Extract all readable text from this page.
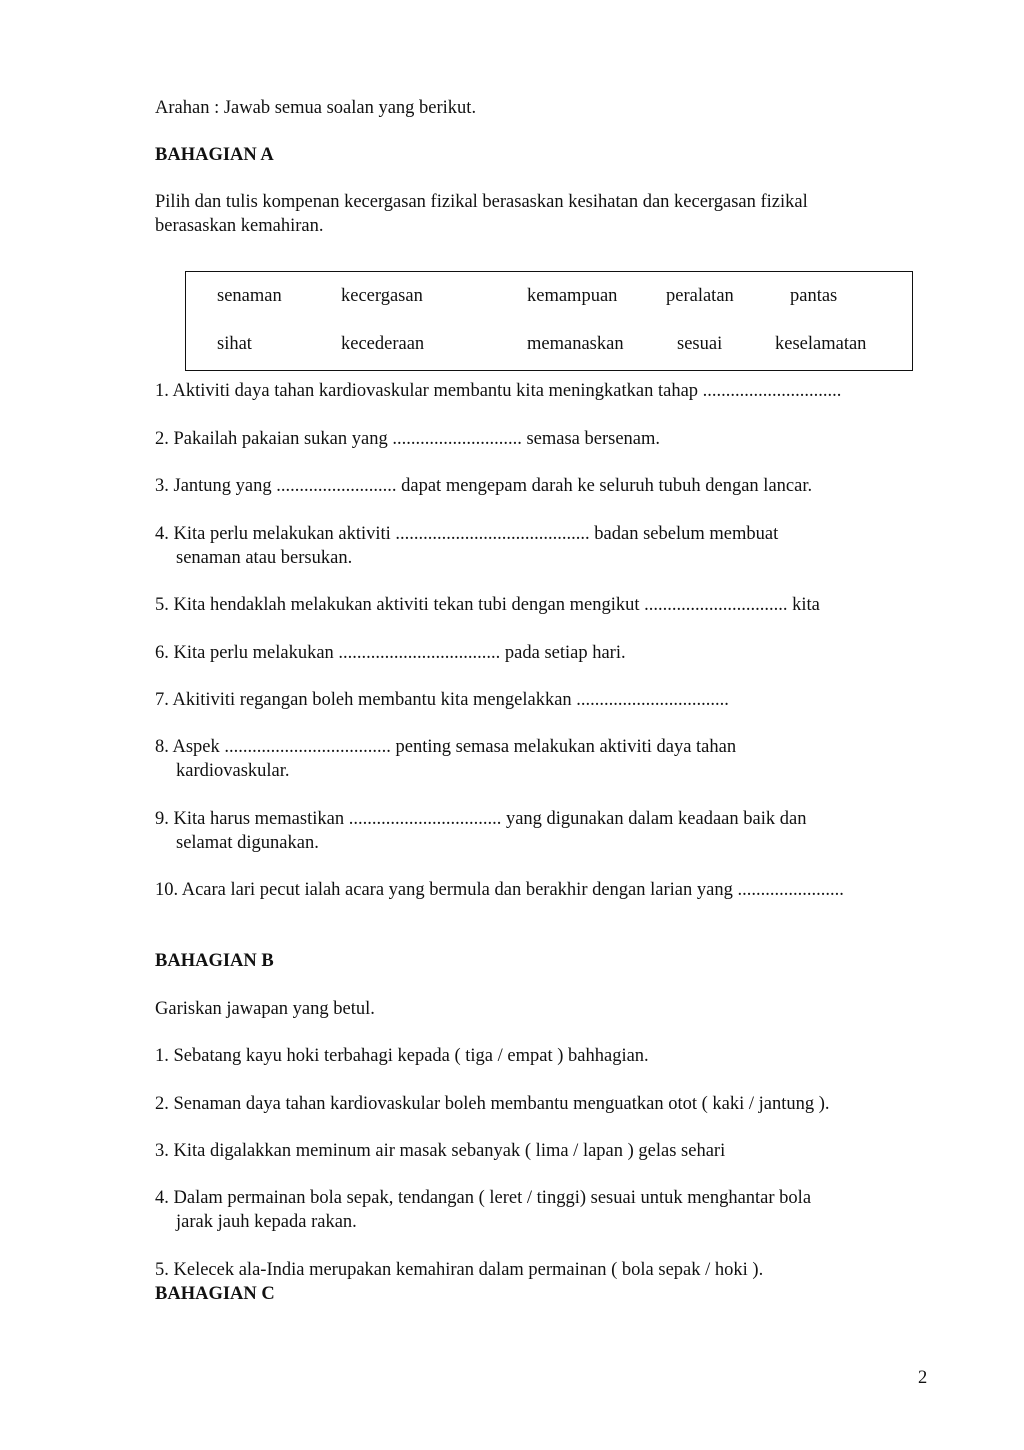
Arahan : Jawab semua soalan yang berikut.
BAHAGIAN A
Pilih dan tulis kompenan kecergasan fizikal berasaskan kesihatan dan kecergasan fizikal
berasaskan kemahiran.
senaman	kecergasan	kemampuan	peralatan	pantas
sihat	kecederaan	memanaskan	sesuai	keselamatan
1. Aktiviti daya tahan kardiovaskular membantu kita meningkatkan tahap ..............................
2. Pakailah pakaian sukan yang ............................ semasa bersenam.
3. Jantung yang .......................... dapat mengepam darah ke seluruh tubuh dengan lancar.
4. Kita perlu melakukan aktiviti .......................................... badan sebelum membuat
senaman atau bersukan.
5. Kita hendaklah melakukan aktiviti tekan tubi dengan mengikut ............................... kita
6. Kita perlu melakukan ................................... pada setiap hari.
7. Akitiviti regangan boleh membantu kita mengelakkan .................................
8. Aspek .................................... penting semasa melakukan aktiviti daya tahan
kardiovaskular.
9. Kita harus memastikan ................................. yang digunakan dalam keadaan baik dan
selamat digunakan.
10. Acara lari pecut ialah acara yang bermula dan berakhir dengan larian yang .......................
BAHAGIAN B
Gariskan jawapan yang betul.
1. Sebatang kayu hoki terbahagi kepada ( tiga / empat ) bahhagian.
2. Senaman daya tahan kardiovaskular boleh membantu menguatkan otot ( kaki / jantung ).
3. Kita digalakkan meminum air masak sebanyak ( lima / lapan ) gelas sehari
4. Dalam permainan bola sepak, tendangan ( leret / tinggi) sesuai untuk menghantar bola
jarak jauh kepada rakan.
5. Kelecek ala-India merupakan kemahiran dalam permainan ( bola sepak / hoki ).
BAHAGIAN C
2
